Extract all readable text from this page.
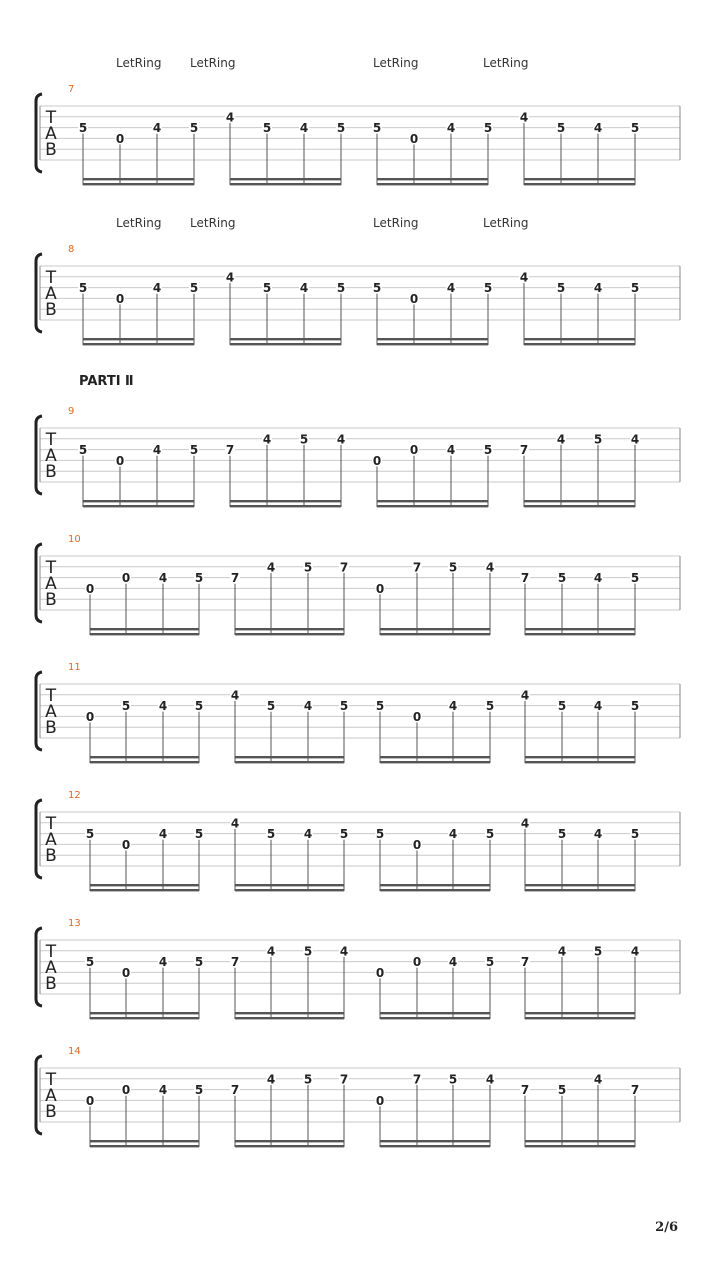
T
A
B
5
0
4 5
4
5 4 5 5
0
4 5
4
5 4 5
T
A
B
5
0
4 5
4
5 4 5 5
0
4 5
4
5 4 5
T
A
B
5
0
4 5 7
4 5 4
0
0 4 5 7
4 5 4
T
A
B
0
0 4 5 7
4 5 7
0
7 5 4
7 5 4 5
T
A
B
0
5 4 5
4
5 4 5 5
0
4 5
4
5 4 5
T
A
B
5
0
4 5
4
5 4 5 5
0
4 5
4
5 4 5
T
A
B
5
0
4 5 7
4 5 4
0
0 4 5 7
4 5 4
T
A
B
0
0 4 5 7
4 5 7
0
7 5 4
7 5
4
7
LetRing LetRing	LetRing	LetRing
7
LetRing LetRing	LetRing	LetRing
8
PARTI Ⅱ
9
10
11
12
13
14
2/6
